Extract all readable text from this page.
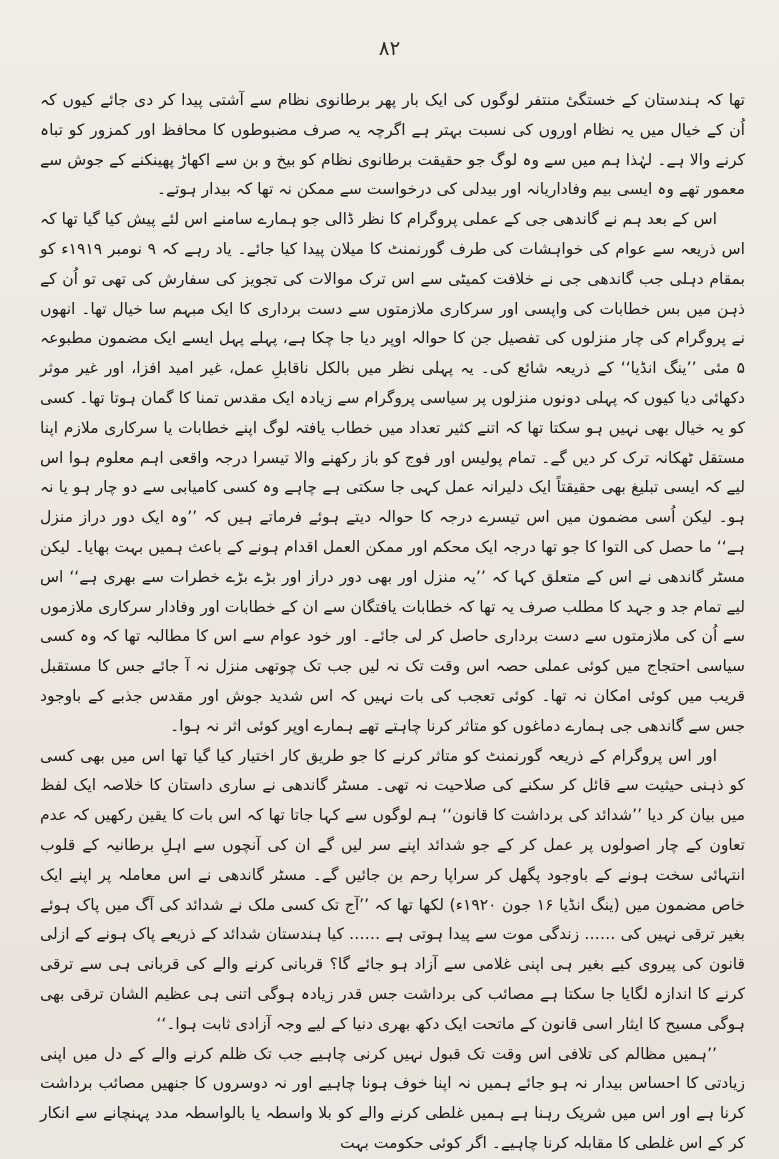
۸۲

تھا کہ ہندستان کے خستگیٔ منتفر لوگوں کی ایک بار پھر برطانوی نظام سے آشتی پیدا کر دی جائے کیوں کہ اُن کے خیال میں یہ نظام اوروں کی نسبت بہتر ہے اگرچہ یہ صرف مضبوطوں کا محافظ اور کمزور کو تباہ کرنے والا ہے۔ لہٰذا ہم میں سے وہ لوگ جو حقیقت برطانوی نظام کو بیخ و بن سے اکھاڑ پھینکنے کے جوش سے معمور تھے وہ ایسی بیم وفاداریانہ اور بیدلی کی درخواست سے ممکن نہ تھا کہ بیدار ہوتے۔

اس کے بعد ہم نے گاندھی جی کے عملی پروگرام کا نظر ڈالی جو ہمارے سامنے اس لئے پیش کیا گیا تھا کہ اس ذریعہ سے عوام کی خواہشات کی طرف گورنمنٹ کا میلان پیدا کیا جائے۔ یاد رہے کہ ۹ نومبر ۱۹۱۹ء کو بمقام دہلی جب گاندھی جی نے خلافت کمیٹی سے اس ترک موالات کی تجویز کی سفارش کی تھی تو اُن کے ذہن میں بس خطابات کی واپسی اور سرکاری ملازمتوں سے دست برداری کا ایک مبہم سا خیال تھا۔ انھوں نے پروگرام کی چار منزلوں کی تفصیل جن کا حوالہ اوپر دیا جا چکا ہے، پہلے پہل ایسے ایک مضمون مطبوعہ ۵ مئی ’’ینگ انڈیا‘‘ کے ذریعہ شائع کی۔ یہ پہلی نظر میں بالکل ناقابلِ عمل، غیر امید افزا، اور غیر موثر دکھائی دیا کیوں کہ پہلی دونوں منزلوں پر سیاسی پروگرام سے زیادہ ایک مقدس تمنا کا گمان ہوتا تھا۔ کسی کو یہ خیال بھی نہیں ہو سکتا تھا کہ اتنے کثیر تعداد میں خطاب یافتہ لوگ اپنے خطابات یا سرکاری ملازم اپنا مستقل ٹھکانہ ترک کر دیں گے۔ تمام پولیس اور فوج کو باز رکھنے والا تیسرا درجہ واقعی اہم معلوم ہوا اس لیے کہ ایسی تبلیغ بھی حقیقتاً ایک دلیرانہ عمل کہی جا سکتی ہے چاہے وہ کسی کامیابی سے دو چار ہو یا نہ ہو۔ لیکن اُسی مضمون میں اس تیسرے درجہ کا حوالہ دیتے ہوئے فرماتے ہیں کہ ’’وہ ایک دور دراز منزل ہے‘‘ ما حصل کی التوا کا جو تھا درجہ ایک محکم اور ممکن العمل اقدام ہونے کے باعث ہمیں بہت بھایا۔ لیکن مسٹر گاندھی نے اس کے متعلق کہا کہ ’’یہ منزل اور بھی دور دراز اور بڑے بڑے خطرات سے بھری ہے‘‘ اس لیے تمام جد و جہد کا مطلب صرف یہ تھا کہ خطابات یافتگان سے ان کے خطابات اور وفادار سرکاری ملازموں سے اُن کی ملازمتوں سے دست برداری حاصل کر لی جائے۔ اور خود عوام سے اس کا مطالبہ تھا کہ وہ کسی سیاسی احتجاج میں کوئی عملی حصہ اس وقت تک نہ لیں جب تک چوتھی منزل نہ آ جائے جس کا مستقبل قریب میں کوئی امکان نہ تھا۔ کوئی تعجب کی بات نہیں کہ اس شدید جوش اور مقدس جذبے کے باوجود جس سے گاندھی جی ہمارے دماغوں کو متاثر کرنا چاہتے تھے ہمارے اوپر کوئی اثر نہ ہوا۔

اور اس پروگرام کے ذریعہ گورنمنٹ کو متاثر کرنے کا جو طریق کار اختیار کیا گیا تھا اس میں بھی کسی کو ذہنی حیثیت سے قائل کر سکنے کی صلاحیت نہ تھی۔ مسٹر گاندھی نے ساری داستان کا خلاصہ ایک لفظ میں بیان کر دیا ’’شدائد کی برداشت کا قانون‘‘ ہم لوگوں سے کہا جاتا تھا کہ اس بات کا یقین رکھیں کہ عدم تعاون کے چار اصولوں پر عمل کر کے جو شدائد اپنے سر لیں گے ان کی آنچوں سے اہلِ برطانیہ کے قلوب انتہائی سخت ہونے کے باوجود پگھل کر سراپا رحم بن جائیں گے۔ مسٹر گاندھی نے اس معاملہ پر اپنے ایک خاص مضمون میں (ینگ انڈیا ۱۶ جون ۱۹۲۰ء) لکھا تھا کہ ’’آج تک کسی ملک نے شدائد کی آگ میں پاک ہوئے بغیر ترقی نہیں کی …… زندگی موت سے پیدا ہوتی ہے …… کیا ہندستان شدائد کے ذریعے پاک ہونے کے ازلی قانون کی پیروی کیے بغیر ہی اپنی غلامی سے آزاد ہو جائے گا؟ قربانی کرنے والے کی قربانی ہی سے ترقی کرنے کا اندازہ لگایا جا سکتا ہے مصائب کی برداشت جس قدر زیادہ ہوگی اتنی ہی عظیم الشان ترقی بھی ہوگی مسیح کا ایثار اسی قانون کے ماتحت ایک دکھ بھری دنیا کے لیے وجہ آزادی ثابت ہوا۔‘‘

’’ہمیں مظالم کی تلافی اس وقت تک قبول نہیں کرنی چاہیے جب تک ظلم کرنے والے کے دل میں اپنی زیادتی کا احساس بیدار نہ ہو جائے ہمیں نہ اپنا خوف ہونا چاہیے اور نہ دوسروں کا جنھیں مصائب برداشت کرنا ہے اور اس میں شریک رہنا ہے ہمیں غلطی کرنے والے کو بلا واسطہ یا بالواسطہ مدد پہنچانے سے انکار کر کے اس غلطی کا مقابلہ کرنا چاہیے۔ اگر کوئی حکومت بہت
